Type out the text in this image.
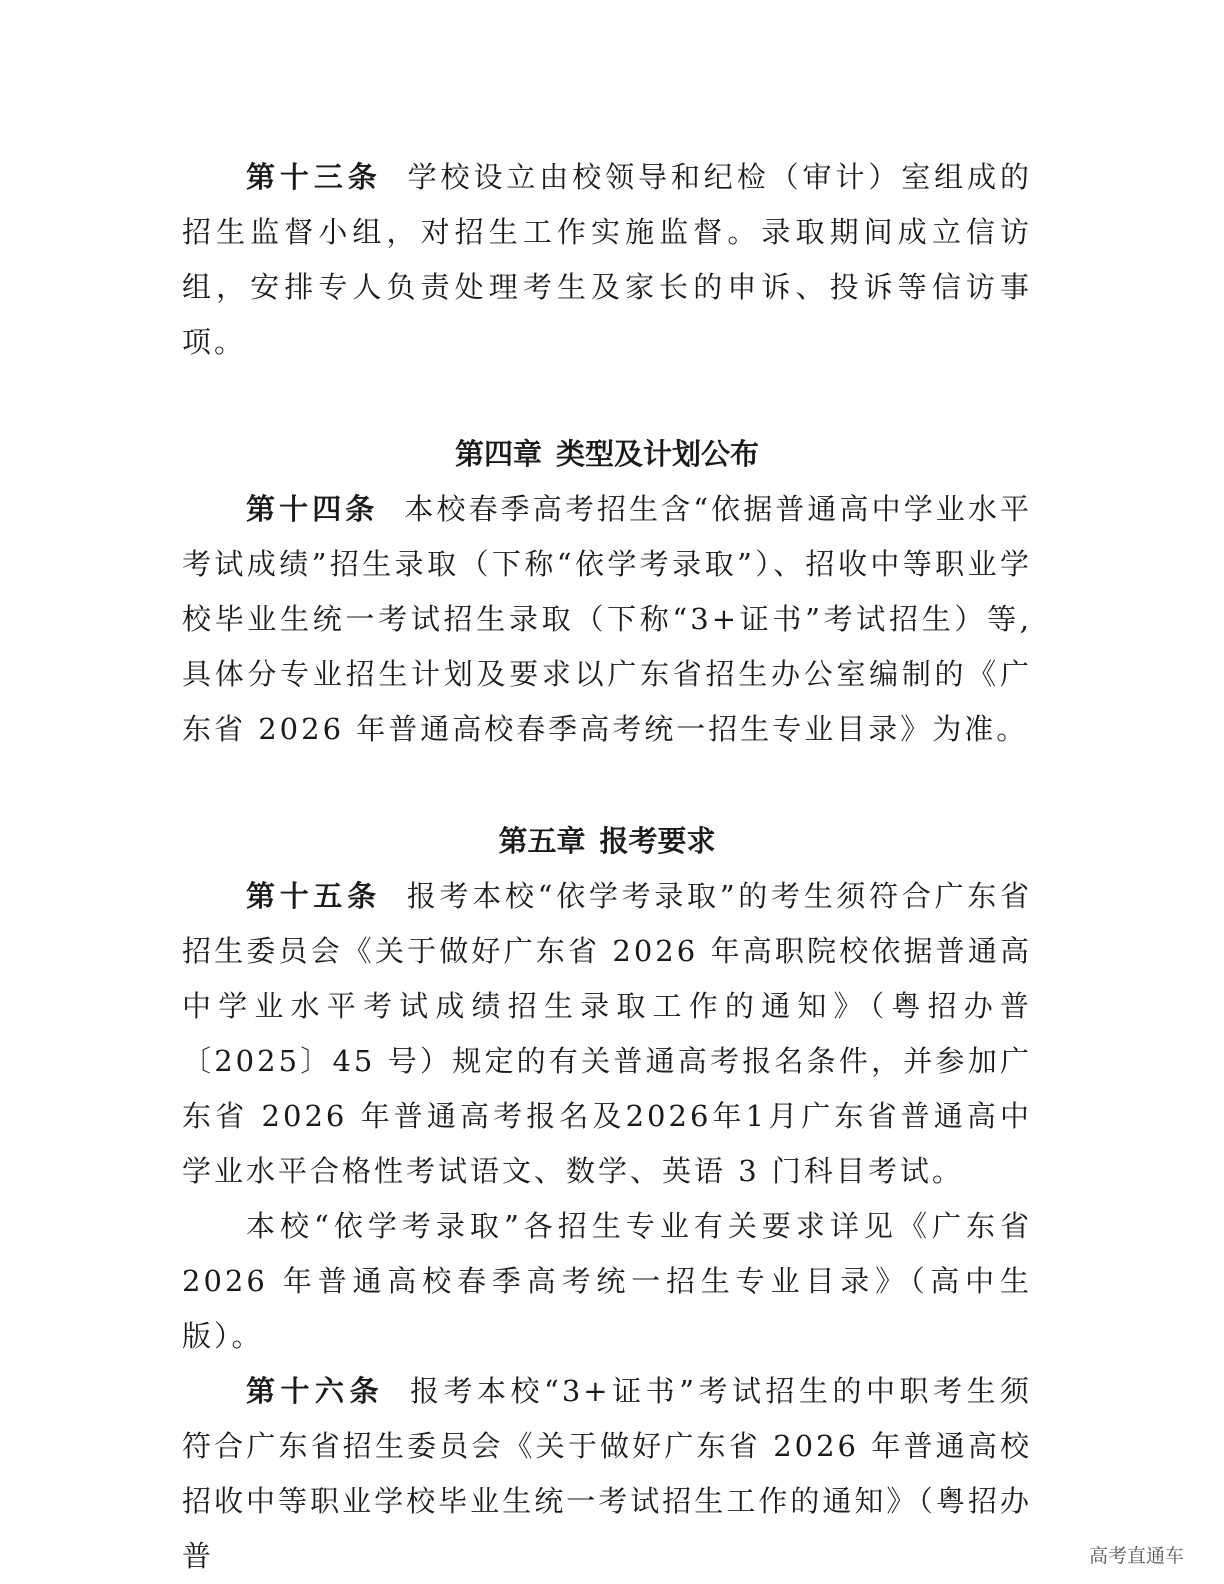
第十三条 学校设立由校领导和纪检（审计）室组成的招生监督小组，对招生工作实施监督。录取期间成立信访组，安排专人负责处理考生及家长的申诉、投诉等信访事项。

第四章 类型及计划公布

第十四条 本校春季高考招生含“依据普通高中学业水平考试成绩”招生录取（下称“依学考录取”）、招收中等职业学校毕业生统一考试招生录取（下称“3+证书”考试招生）等,具体分专业招生计划及要求以广东省招生办公室编制的《广东省 2026 年普通高校春季高考统一招生专业目录》为准。

第五章 报考要求

第十五条 报考本校“依学考录取”的考生须符合广东省招生委员会《关于做好广东省 2026 年高职院校依据普通高中学业水平考试成绩招生录取工作的通知》（粤招办普〔2025〕45 号）规定的有关普通高考报名条件，并参加广东省 2026 年普通高考报名及2026年1月广东省普通高中学业水平合格性考试语文、数学、英语 3 门科目考试。

本校“依学考录取”各招生专业有关要求详见《广东省 2026 年普通高校春季高考统一招生专业目录》（高中生版）。

第十六条 报考本校“3+证书”考试招生的中职考生须符合广东省招生委员会《关于做好广东省 2026 年普通高校招收中等职业学校毕业生统一考试招生工作的通知》（粤招办普	高考直通车
